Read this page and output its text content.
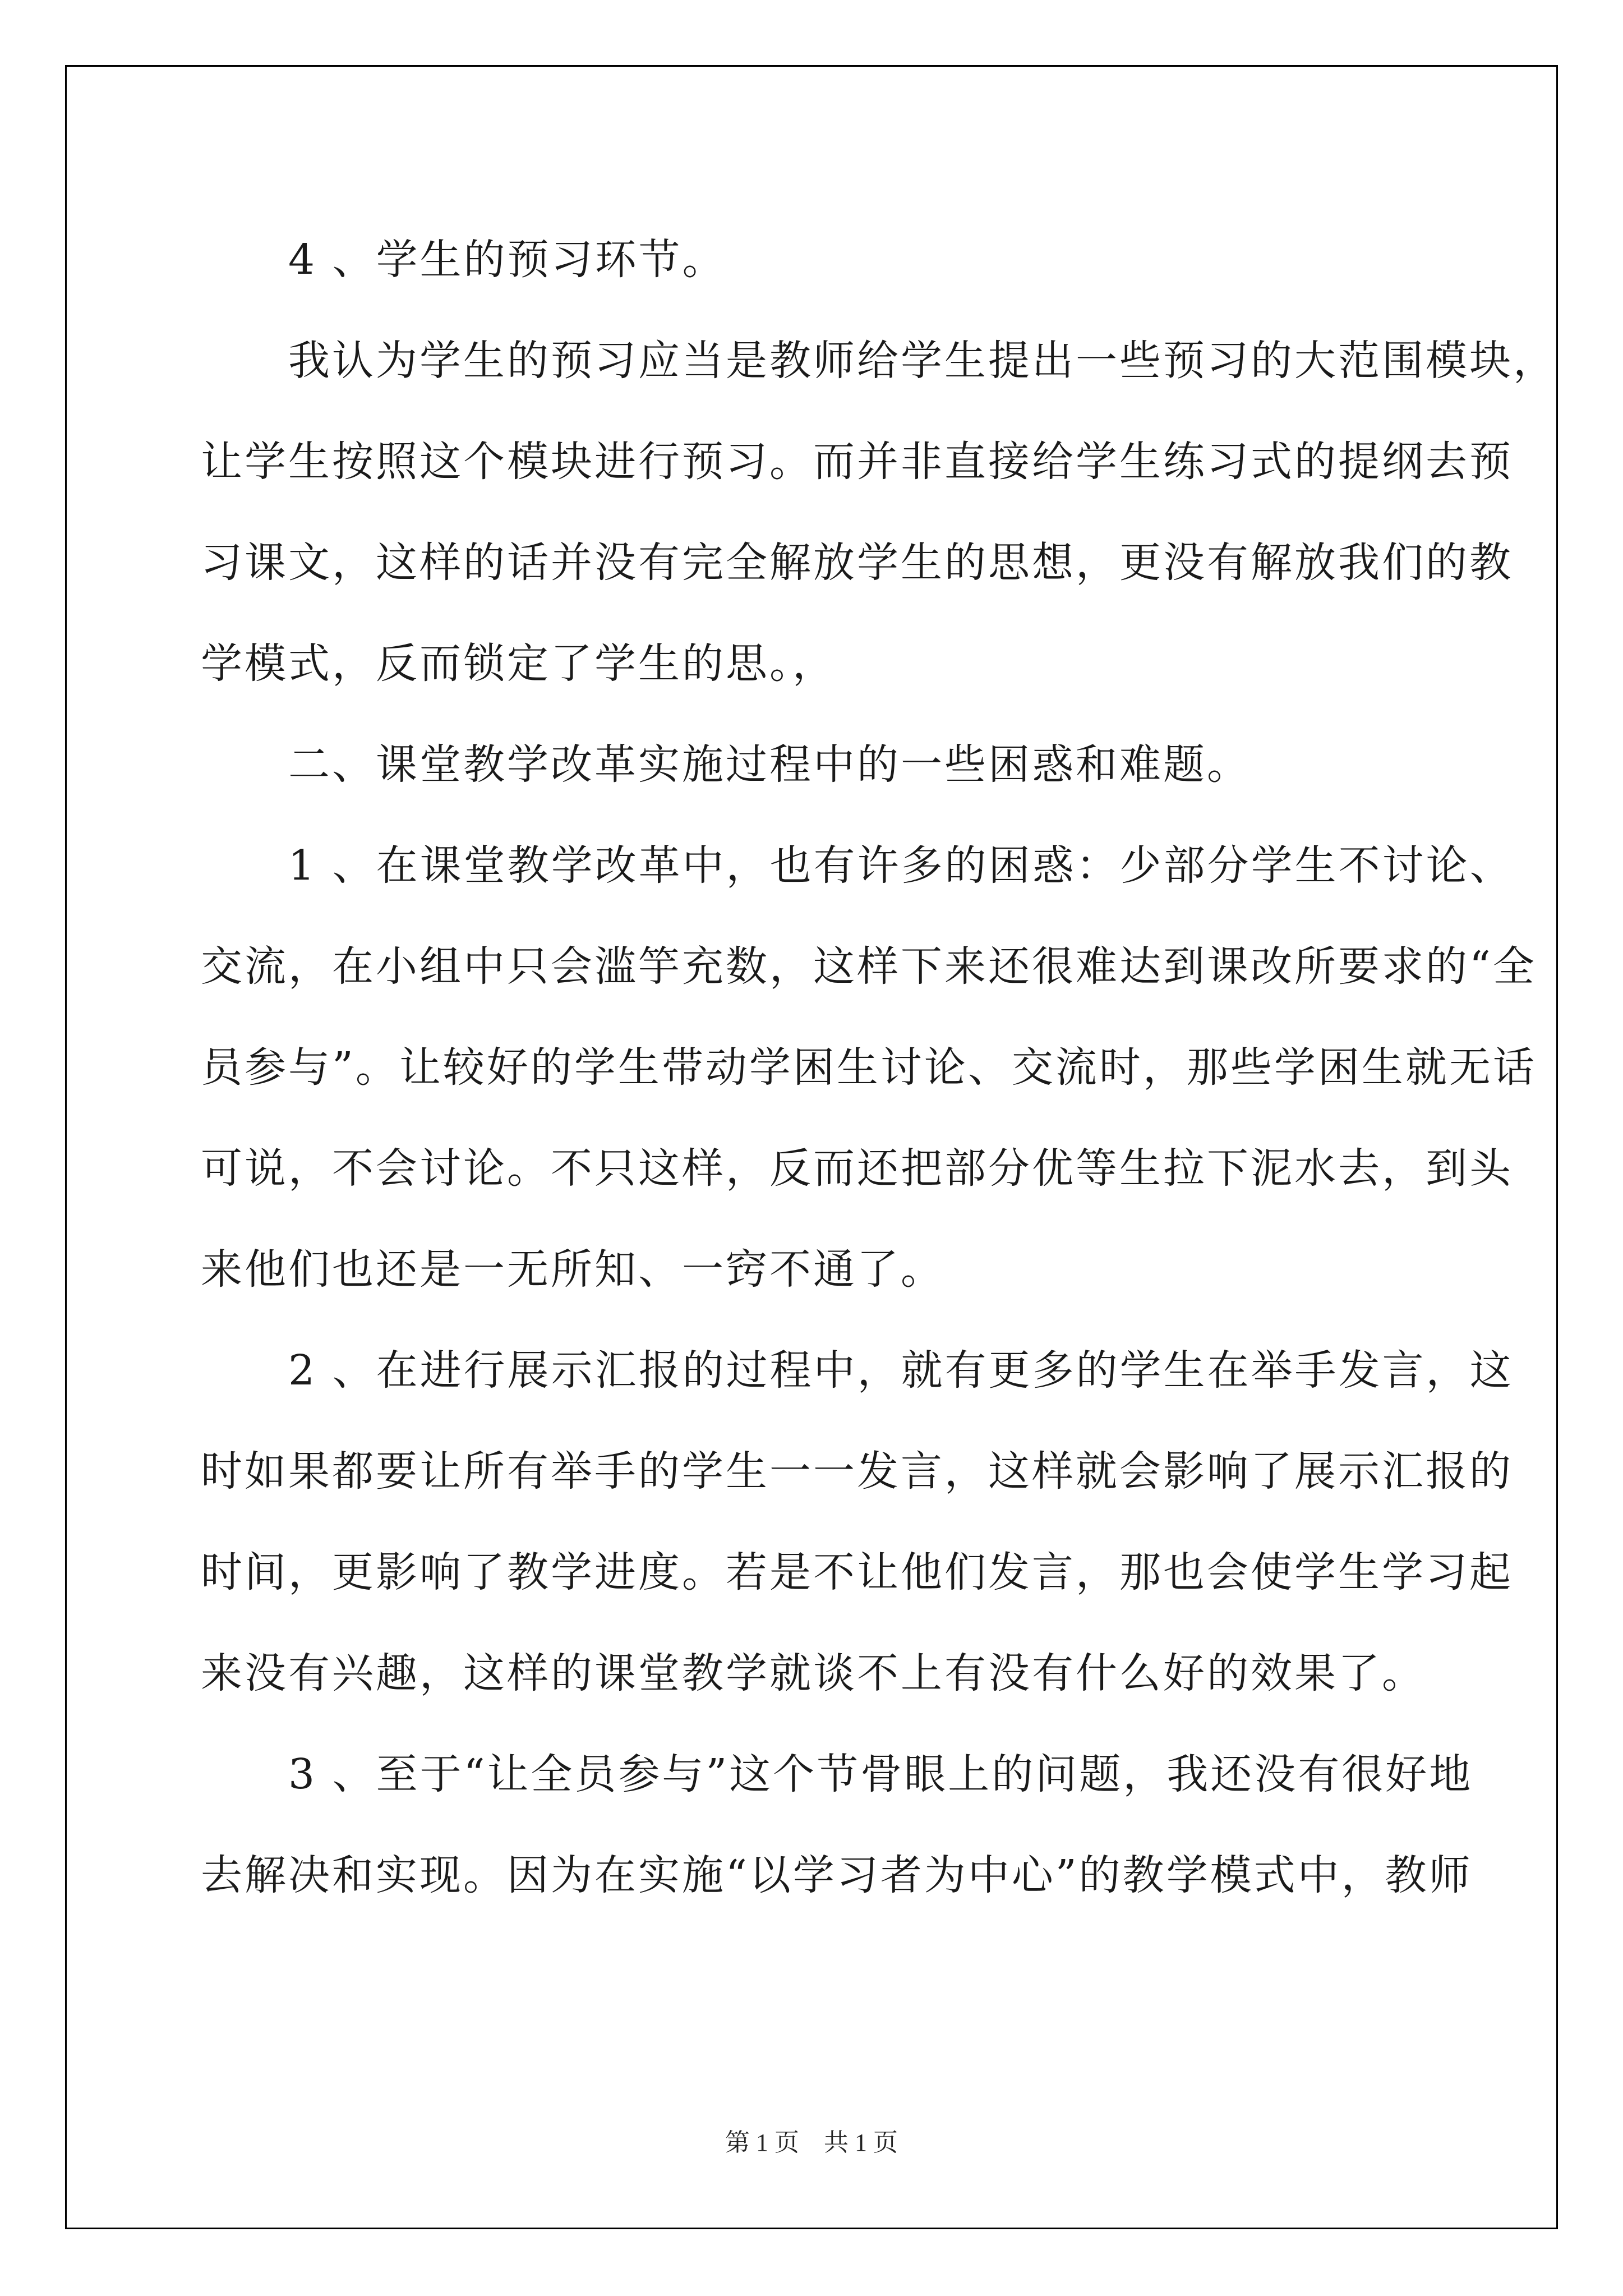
　　4 、学生的预习环节。
　　我认为学生的预习应当是教师给学生提出一些预习的大范围模块，
让学生按照这个模块进行预习。而并非直接给学生练习式的提纲去预
习课文，这样的话并没有完全解放学生的思想，更没有解放我们的教
学模式，反而锁定了学生的思。，
　　二、课堂教学改革实施过程中的一些困惑和难题。
　　1 、在课堂教学改革中，也有许多的困惑：少部分学生不讨论、
交流，在小组中只会滥竽充数，这样下来还很难达到课改所要求的“全
员参与”。让较好的学生带动学困生讨论、交流时，那些学困生就无话
可说，不会讨论。不只这样，反而还把部分优等生拉下泥水去，到头
来他们也还是一无所知、一窍不通了。
　　2 、在进行展示汇报的过程中，就有更多的学生在举手发言，这
时如果都要让所有举手的学生一一发言，这样就会影响了展示汇报的
时间，更影响了教学进度。若是不让他们发言，那也会使学生学习起
来没有兴趣，这样的课堂教学就谈不上有没有什么好的效果了。
　　3 、至于“让全员参与”这个节骨眼上的问题，我还没有很好地
去解决和实现。因为在实施“以学习者为中心”的教学模式中，教师
第 1 页　共 1 页
